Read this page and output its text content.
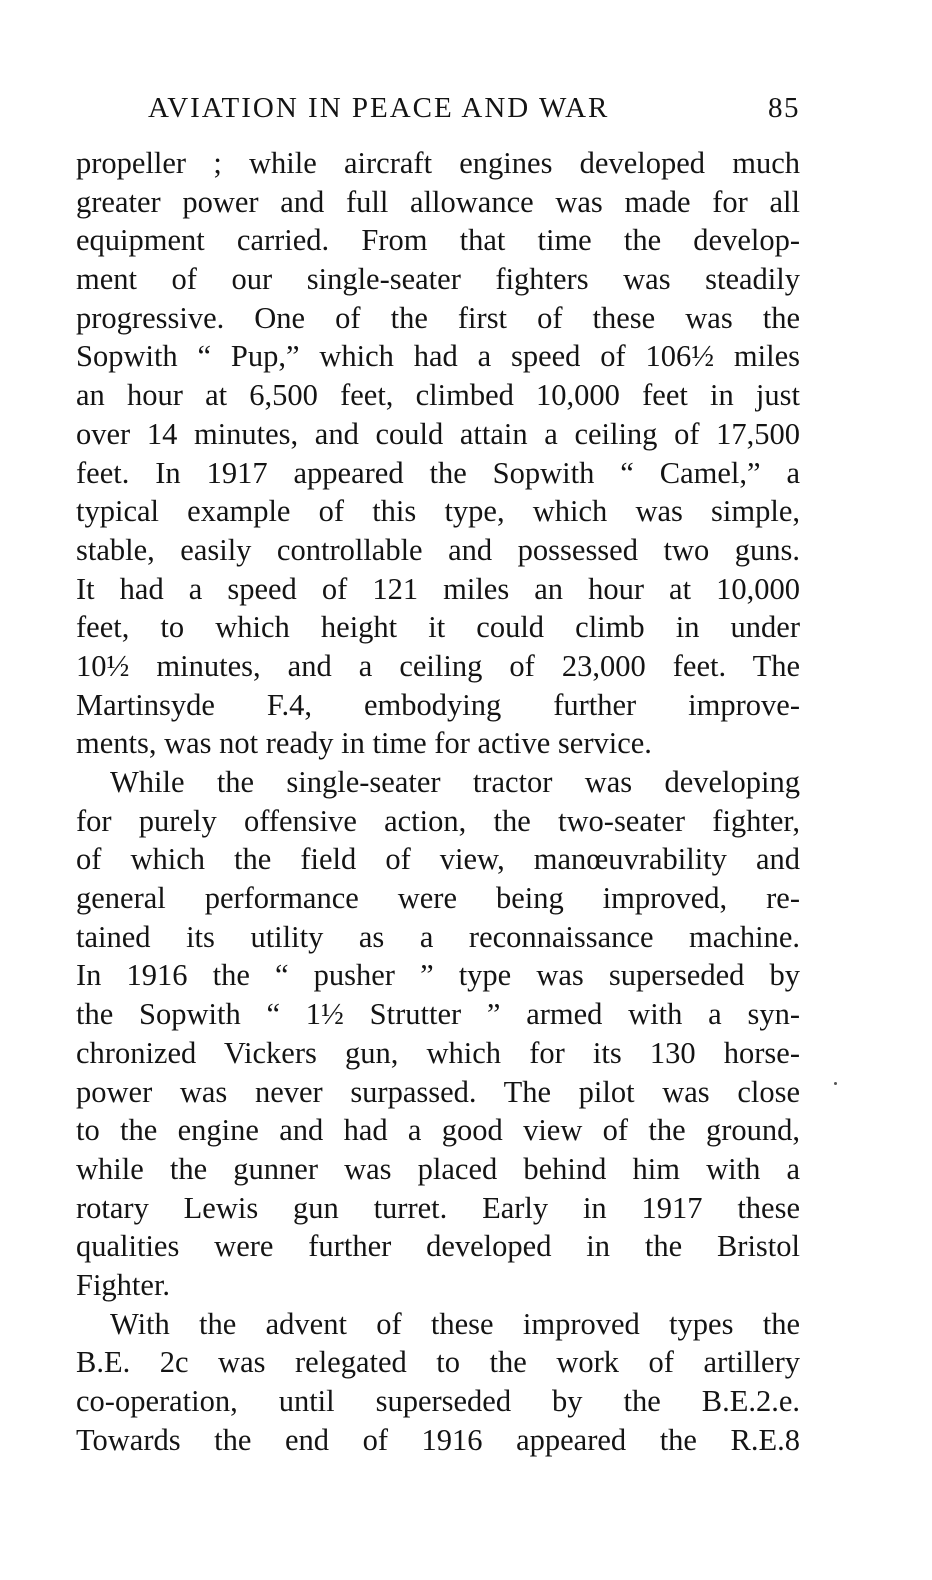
AVIATION IN PEACE AND WAR	85
propeller ; while aircraft engines developed much
greater power and full allowance was made for all
equipment carried. From that time the develop-
ment of our single-seater fighters was steadily
progressive. One of the first of these was the
Sopwith “ Pup,” which had a speed of 106½ miles
an hour at 6,500 feet, climbed 10,000 feet in just
over 14 minutes, and could attain a ceiling of 17,500
feet. In 1917 appeared the Sopwith “ Camel,” a
typical example of this type, which was simple,
stable, easily controllable and possessed two guns.
It had a speed of 121 miles an hour at 10,000
feet, to which height it could climb in under
10½ minutes, and a ceiling of 23,000 feet. The
Martinsyde F.4, embodying further improve-
ments, was not ready in time for active service.
While the single-seater tractor was developing
for purely offensive action, the two-seater fighter,
of which the field of view, manœuvrability and
general performance were being improved, re-
tained its utility as a reconnaissance machine.
In 1916 the “ pusher ” type was superseded by
the Sopwith “ 1½ Strutter ” armed with a syn-
chronized Vickers gun, which for its 130 horse-
power was never surpassed. The pilot was close
to the engine and had a good view of the ground,
while the gunner was placed behind him with a
rotary Lewis gun turret. Early in 1917 these
qualities were further developed in the Bristol
Fighter.
With the advent of these improved types the
B.E. 2c was relegated to the work of artillery
co-operation, until superseded by the B.E.2.e.
Towards the end of 1916 appeared the R.E.8
